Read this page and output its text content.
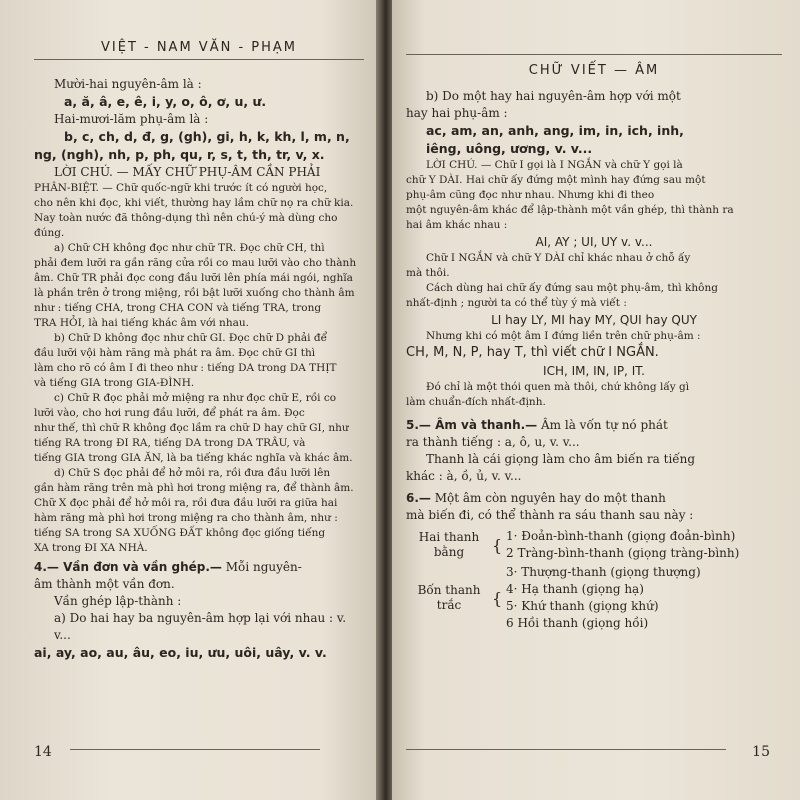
VIỆT - NAM VĂN - PHẠM

Mười-hai nguyên-âm là :

a, ă, â, e, ê, i, y, o, ô, ơ, u, ư.

Hai-mươi-lăm phụ-âm là :

b, c, ch, d, đ, g, (gh), gi, h, k, kh, l, m, n,

ng, (ngh), nh, p, ph, qu, r, s, t, th, tr, v, x.

LỜI CHÚ. — MẤY CHỮ PHỤ-ÂM CẦN PHẢI

PHÂN-BIỆT. — Chữ quốc-ngữ khi trước ít có người học,

cho nên khi đọc, khi viết, thường hay lầm chữ nọ ra chữ kia.

Nay toàn nước đã thông-dụng thì nên chú-ý mà dùng cho đúng.

a) Chữ CH không đọc như chữ TR. Đọc chữ CH, thì

phải đem lưỡi ra gần răng cửa rồi co mau lưỡi vào cho thành

âm. Chữ TR phải đọc cong đầu lưỡi lên phía mái ngói, nghĩa

là phần trên ở trong miệng, rồi bật lưỡi xuống cho thành âm

như : tiếng CHA, trong CHA CON và tiếng TRA, trong

TRA HỎI, là hai tiếng khác âm với nhau.

b) Chữ D không đọc như chữ GI. Đọc chữ D phải để

đầu lưỡi vội hàm răng mà phát ra âm. Đọc chữ GI thì

làm cho rõ có âm I đi theo như : tiếng DA trong DA THỊT

và tiếng GIA trong GIA-ĐÌNH.

c) Chữ R đọc phải mở miệng ra như đọc chữ E, rồi co

lưỡi vào, cho hơi rung đầu lưỡi, để phát ra âm. Đọc

như thế, thì chữ R không đọc lầm ra chữ D hay chữ GI, như

tiếng RA trong ĐI RA, tiếng DA trong DA TRÂU, và

tiếng GIA trong GIA ĂN, là ba tiếng khác nghĩa và khác âm.

d) Chữ S đọc phải để hở môi ra, rồi đưa đầu lưỡi lên

gần hàm răng trên mà phì hơi trong miệng ra, để thành âm.

Chữ X đọc phải để hở môi ra, rồi đưa đầu lưỡi ra giữa hai

hàm răng mà phì hơi trong miệng ra cho thành âm, như :

tiếng SA trong SA XUỐNG ĐẤT không đọc giống tiếng

XA trong ĐI XA NHÀ.

4.— Vần đơn và vần ghép.— Mỗi nguyên-

âm thành một vần đơn.

Vần ghép lập-thành :

a) Do hai hay ba nguyên-âm hợp lại với nhau : v. v...

ai, ay, ao, au, âu, eo, iu, ưu, uôi, uây, v. v.

14
CHỮ VIẾT — ÂM

b) Do một hay hai nguyên-âm hợp với một

hay hai phụ-âm :

ac, am, an, anh, ang, im, in, ich, inh,

iêng, uông, ương, v. v...

LỜI CHÚ. — Chữ I gọi là I NGẮN và chữ Y gọi là

chữ Y DÀI. Hai chữ ấy đứng một mình hay đứng sau một

phụ-âm cũng đọc như nhau. Nhưng khi đi theo

một nguyên-âm khác để lập-thành một vần ghép, thì thành ra

hai âm khác nhau :

AI, AY ; UI, UY v. v...

Chữ I NGẮN và chữ Y DÀI chỉ khác nhau ở chỗ ấy

mà thôi.

Cách dùng hai chữ ấy đứng sau một phụ-âm, thì không

nhất-định ; người ta có thể tùy ý mà viết :

LI hay LY, MI hay MY, QUI hay QUY

Nhưng khi có một âm I đứng liền trên chữ phụ-âm :

CH, M, N, P, hay T, thì viết chữ I NGẮN.

ICH, IM, IN, IP, IT.

Đó chỉ là một thói quen mà thôi, chứ không lấy gì

làm chuẩn-đích nhất-định.

5.— Âm và thanh.— Âm là vốn tự nó phát

ra thành tiếng : a, ô, u, v. v...

Thanh là cái giọng làm cho âm biến ra tiếng

khác : à, ồ, ủ, v. v...

6.— Một âm còn nguyên hay do một thanh

mà biến đi, có thể thành ra sáu thanh sau này :

Hai thanh bằng	{ 1· Đoản-bình-thanh (giọng đoản-bình)

2 Tràng-bình-thanh (giọng tràng-bình)

Bốn thanh trắc	{

3· Thượng-thanh (giọng thượng)

4· Hạ thanh (giọng hạ)

5· Khứ thanh (giọng khứ)

6 Hồi thanh (giọng hồi)

15
